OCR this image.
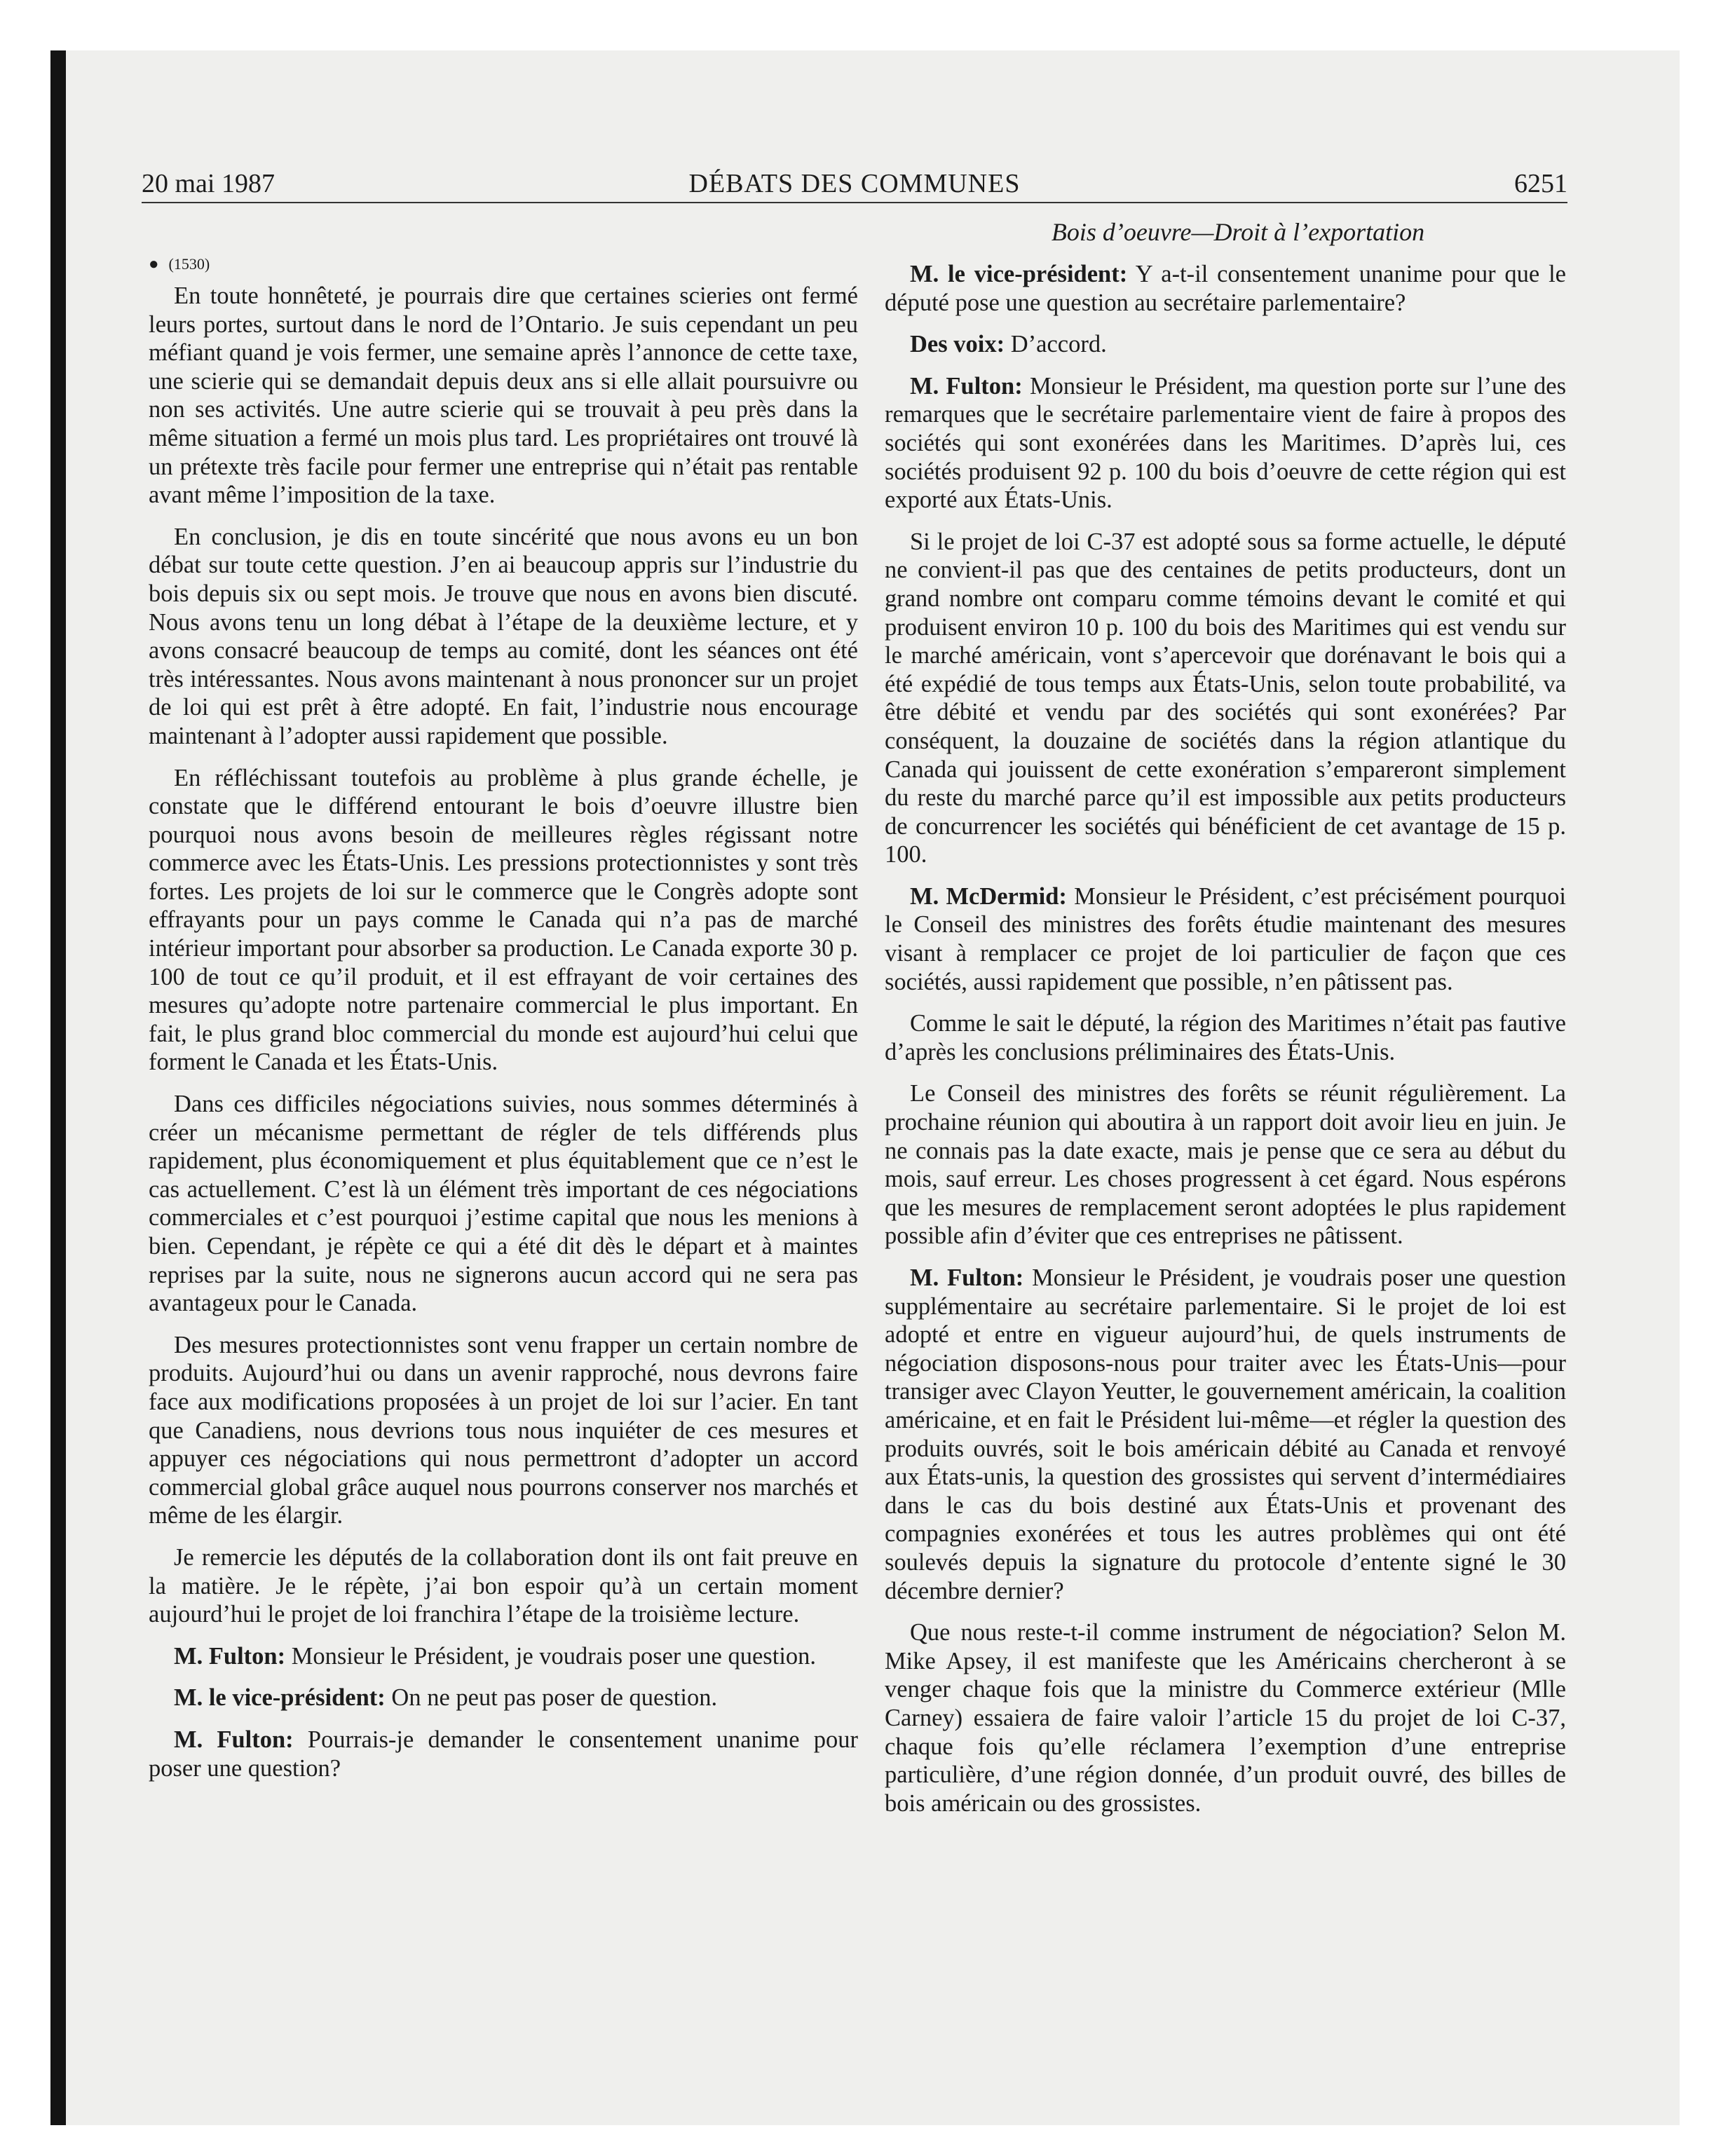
20 mai 1987	DÉBATS DES COMMUNES	6251
● (1530)

En toute honnêteté, je pourrais dire que certaines scieries ont fermé leurs portes, surtout dans le nord de l’Ontario. Je suis cependant un peu méfiant quand je vois fermer, une semaine après l’annonce de cette taxe, une scierie qui se demandait depuis deux ans si elle allait poursuivre ou non ses activités. Une autre scierie qui se trouvait à peu près dans la même situation a fermé un mois plus tard. Les propriétaires ont trouvé là un prétexte très facile pour fermer une entreprise qui n’était pas rentable avant même l’imposition de la taxe.

En conclusion, je dis en toute sincérité que nous avons eu un bon débat sur toute cette question. J’en ai beaucoup appris sur l’industrie du bois depuis six ou sept mois. Je trouve que nous en avons bien discuté. Nous avons tenu un long débat à l’étape de la deuxième lecture, et y avons consacré beaucoup de temps au comité, dont les séances ont été très intéressantes. Nous avons maintenant à nous prononcer sur un projet de loi qui est prêt à être adopté. En fait, l’industrie nous encourage maintenant à l’adopter aussi rapidement que possible.

En réfléchissant toutefois au problème à plus grande échelle, je constate que le différend entourant le bois d’oeuvre illustre bien pourquoi nous avons besoin de meilleures règles régissant notre commerce avec les États-Unis. Les pressions protectionnistes y sont très fortes. Les projets de loi sur le commerce que le Congrès adopte sont effrayants pour un pays comme le Canada qui n’a pas de marché intérieur important pour absorber sa production. Le Canada exporte 30 p. 100 de tout ce qu’il produit, et il est effrayant de voir certaines des mesures qu’adopte notre partenaire commercial le plus important. En fait, le plus grand bloc commercial du monde est aujourd’hui celui que forment le Canada et les États-Unis.

Dans ces difficiles négociations suivies, nous sommes déterminés à créer un mécanisme permettant de régler de tels différends plus rapidement, plus économiquement et plus équitablement que ce n’est le cas actuellement. C’est là un élément très important de ces négociations commerciales et c’est pourquoi j’estime capital que nous les menions à bien. Cependant, je répète ce qui a été dit dès le départ et à maintes reprises par la suite, nous ne signerons aucun accord qui ne sera pas avantageux pour le Canada.

Des mesures protectionnistes sont venu frapper un certain nombre de produits. Aujourd’hui ou dans un avenir rapproché, nous devrons faire face aux modifications proposées à un projet de loi sur l’acier. En tant que Canadiens, nous devrions tous nous inquiéter de ces mesures et appuyer ces négociations qui nous permettront d’adopter un accord commercial global grâce auquel nous pourrons conserver nos marchés et même de les élargir.

Je remercie les députés de la collaboration dont ils ont fait preuve en la matière. Je le répète, j’ai bon espoir qu’à un certain moment aujourd’hui le projet de loi franchira l’étape de la troisième lecture.

M. Fulton: Monsieur le Président, je voudrais poser une question.

M. le vice-président: On ne peut pas poser de question.

M. Fulton: Pourrais-je demander le consentement unanime pour poser une question?

Bois d’oeuvre—Droit à l’exportation

M. le vice-président: Y a-t-il consentement unanime pour que le député pose une question au secrétaire parlementaire?

Des voix: D’accord.

M. Fulton: Monsieur le Président, ma question porte sur l’une des remarques que le secrétaire parlementaire vient de faire à propos des sociétés qui sont exonérées dans les Maritimes. D’après lui, ces sociétés produisent 92 p. 100 du bois d’oeuvre de cette région qui est exporté aux États-Unis.

Si le projet de loi C-37 est adopté sous sa forme actuelle, le député ne convient-il pas que des centaines de petits producteurs, dont un grand nombre ont comparu comme témoins devant le comité et qui produisent environ 10 p. 100 du bois des Maritimes qui est vendu sur le marché américain, vont s’apercevoir que dorénavant le bois qui a été expédié de tous temps aux États-Unis, selon toute probabilité, va être débité et vendu par des sociétés qui sont exonérées? Par conséquent, la douzaine de sociétés dans la région atlantique du Canada qui jouissent de cette exonération s’empareront simplement du reste du marché parce qu’il est impossible aux petits producteurs de concurrencer les sociétés qui bénéficient de cet avantage de 15 p. 100.

M. McDermid: Monsieur le Président, c’est précisément pourquoi le Conseil des ministres des forêts étudie maintenant des mesures visant à remplacer ce projet de loi particulier de façon que ces sociétés, aussi rapidement que possible, n’en pâtissent pas.

Comme le sait le député, la région des Maritimes n’était pas fautive d’après les conclusions préliminaires des États-Unis.

Le Conseil des ministres des forêts se réunit régulièrement. La prochaine réunion qui aboutira à un rapport doit avoir lieu en juin. Je ne connais pas la date exacte, mais je pense que ce sera au début du mois, sauf erreur. Les choses progressent à cet égard. Nous espérons que les mesures de remplacement seront adoptées le plus rapidement possible afin d’éviter que ces entreprises ne pâtissent.

M. Fulton: Monsieur le Président, je voudrais poser une question supplémentaire au secrétaire parlementaire. Si le projet de loi est adopté et entre en vigueur aujourd’hui, de quels instruments de négociation disposons-nous pour traiter avec les États-Unis—pour transiger avec Clayon Yeutter, le gouvernement américain, la coalition américaine, et en fait le Président lui-même—et régler la question des produits ouvrés, soit le bois américain débité au Canada et renvoyé aux États-unis, la question des grossistes qui servent d’intermédiaires dans le cas du bois destiné aux États-Unis et provenant des compagnies exonérées et tous les autres problèmes qui ont été soulevés depuis la signature du protocole d’entente signé le 30 décembre dernier?

Que nous reste-t-il comme instrument de négociation? Selon M. Mike Apsey, il est manifeste que les Américains chercheront à se venger chaque fois que la ministre du Commerce extérieur (Mlle Carney) essaiera de faire valoir l’article 15 du projet de loi C-37, chaque fois qu’elle réclamera l’exemption d’une entreprise particulière, d’une région donnée, d’un produit ouvré, des billes de bois américain ou des grossistes.
